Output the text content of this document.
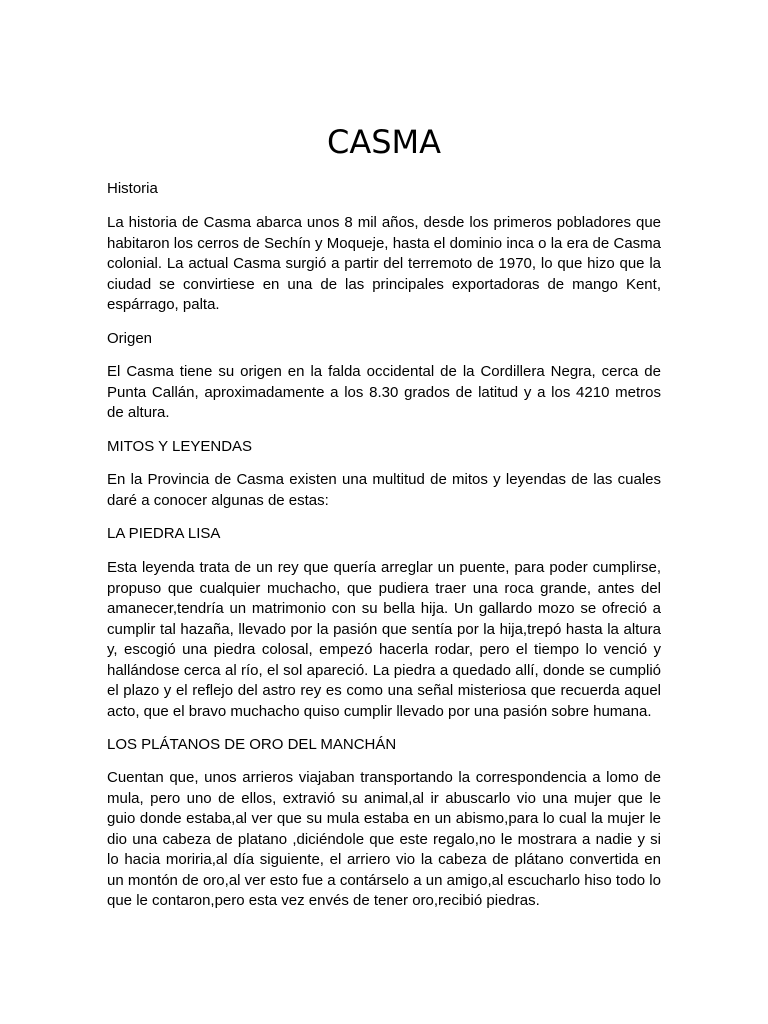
CASMA

Historia

La historia de Casma abarca unos 8 mil años, desde los primeros pobladores que habitaron los cerros de Sechín y Moqueje, hasta el dominio inca o la era de Casma colonial. La actual Casma surgió a partir del terremoto de 1970, lo que hizo que la ciudad se convirtiese en una de las principales exportadoras de mango Kent, espárrago, palta.

Origen

El Casma tiene su origen en la falda occidental de la Cordillera Negra, cerca de Punta Callán, aproximadamente a los 8.30 grados de latitud y a los 4210 metros de altura.

MITOS Y LEYENDAS

En la Provincia de Casma existen una multitud de mitos y leyendas de las cuales daré a conocer algunas de estas:

LA PIEDRA LISA

Esta leyenda trata de un rey que quería arreglar un puente, para poder cumplirse, propuso que cualquier muchacho, que pudiera traer una roca grande, antes del amanecer,tendría un matrimonio con su bella hija. Un gallardo mozo se ofreció a cumplir tal hazaña, llevado por la pasión que sentía por la hija,trepó hasta la altura y, escogió una piedra colosal, empezó hacerla rodar, pero el tiempo lo venció y hallándose cerca al río, el sol apareció. La piedra a quedado allí, donde se cumplió el plazo y el reflejo del astro rey es como una señal misteriosa que recuerda aquel acto, que el bravo muchacho quiso cumplir llevado por una pasión sobre humana.

LOS PLÁTANOS DE ORO DEL MANCHÁN

Cuentan que, unos arrieros viajaban transportando la correspondencia a lomo de mula, pero uno de ellos, extravió su animal,al ir abuscarlo vio una mujer que le guio donde estaba,al ver que su mula estaba en un abismo,para lo cual la mujer le dio una cabeza de platano ,diciéndole que este regalo,no le mostrara a nadie y si lo hacia moriria,al día siguiente, el arriero vio la cabeza de plátano convertida en un montón de oro,al ver esto fue a contárselo a un amigo,al escucharlo hiso todo lo que le contaron,pero esta vez envés de tener oro,recibió piedras.
